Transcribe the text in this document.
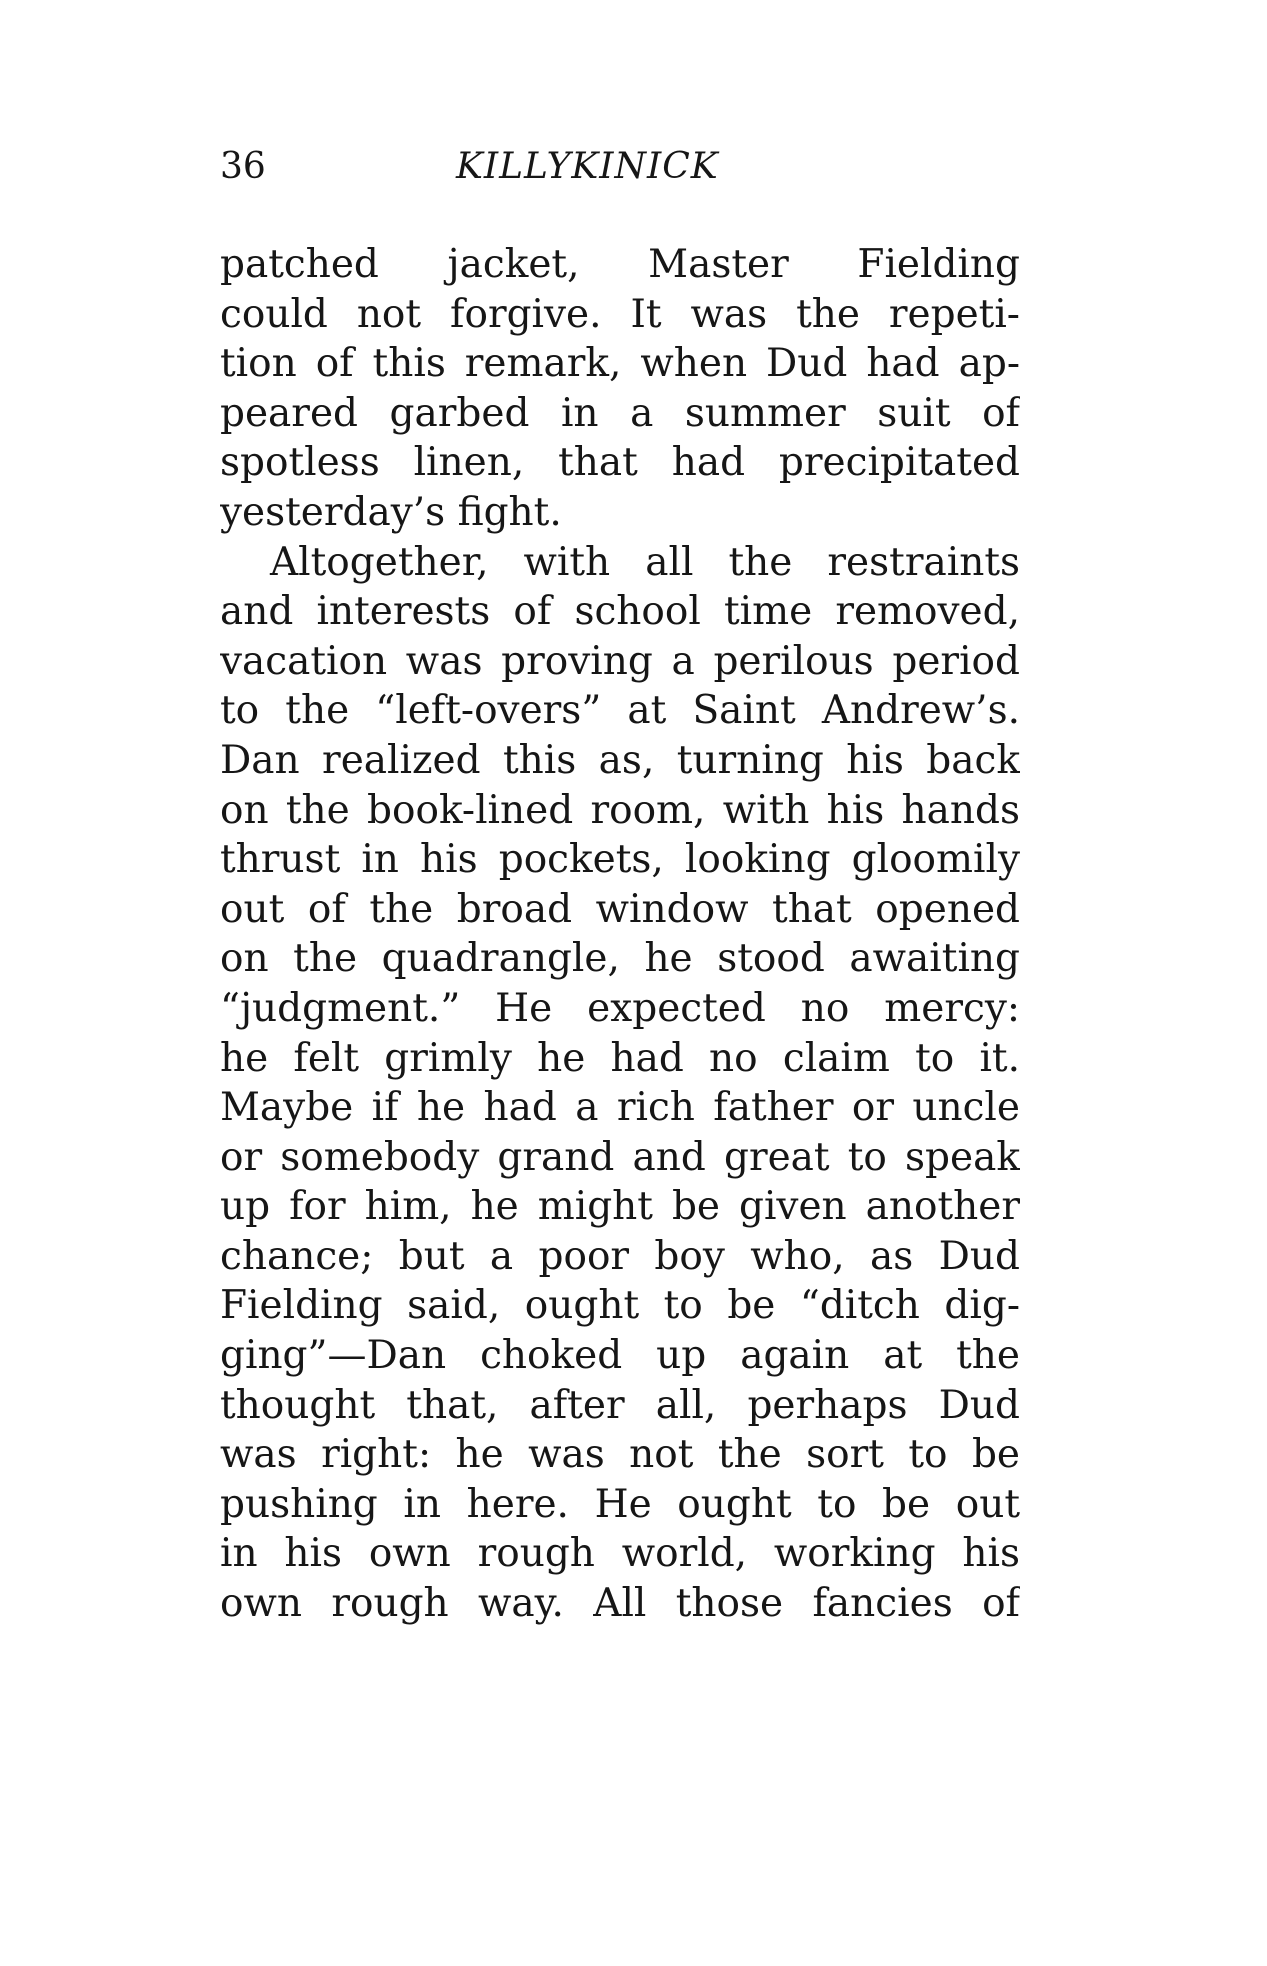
36	KILLYKINICK
patched jacket, Master Fielding
could not forgive. It was the repeti-
tion of this remark, when Dud had ap-
peared garbed in a summer suit of
spotless linen, that had precipitated
yesterday’s fight.
Altogether, with all the restraints
and interests of school time removed,
vacation was proving a perilous period
to the “left-overs” at Saint Andrew’s.
Dan realized this as, turning his back
on the book-lined room, with his hands
thrust in his pockets, looking gloomily
out of the broad window that opened
on the quadrangle, he stood awaiting
“judgment.” He expected no mercy:
he felt grimly he had no claim to it.
Maybe if he had a rich father or uncle
or somebody grand and great to speak
up for him, he might be given another
chance; but a poor boy who, as Dud
Fielding said, ought to be “ditch dig-
ging”—Dan choked up again at the
thought that, after all, perhaps Dud
was right: he was not the sort to be
pushing in here. He ought to be out
in his own rough world, working his
own rough way. All those fancies of
